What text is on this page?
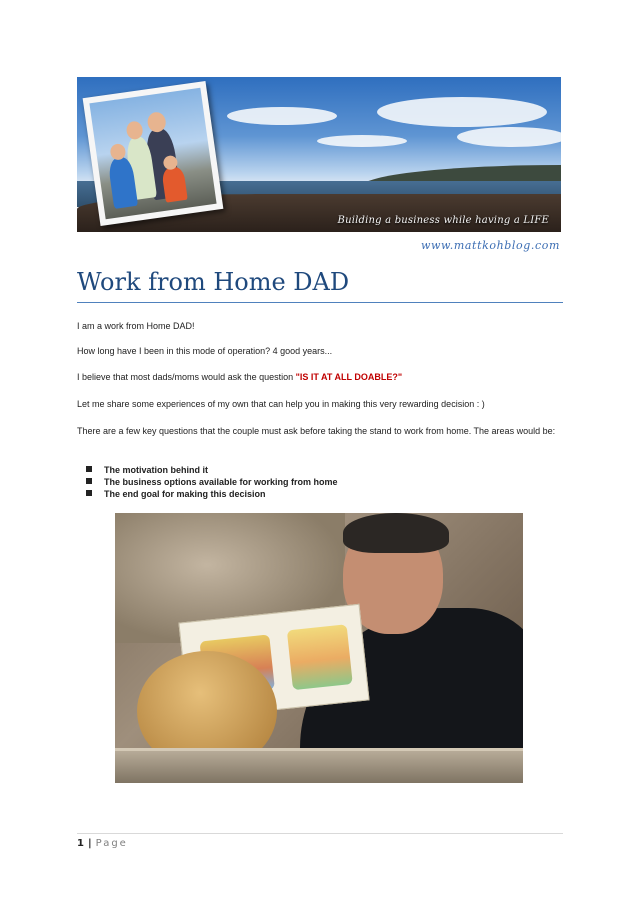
Building a business while having a LIFE
www.mattkohblog.com
Work from Home DAD

I am a work from Home DAD!

How long have I been in this mode of operation? 4 good years...

I believe that most dads/moms would ask the question "IS IT AT ALL DOABLE?"

Let me share some experiences of my own that can help you in making this very rewarding decision : )

There are a few key questions that the couple must ask before taking the stand to work from home. The areas would be:

The motivation behind it
The business options available for working from home
The end goal for making this decision
1 | Page
